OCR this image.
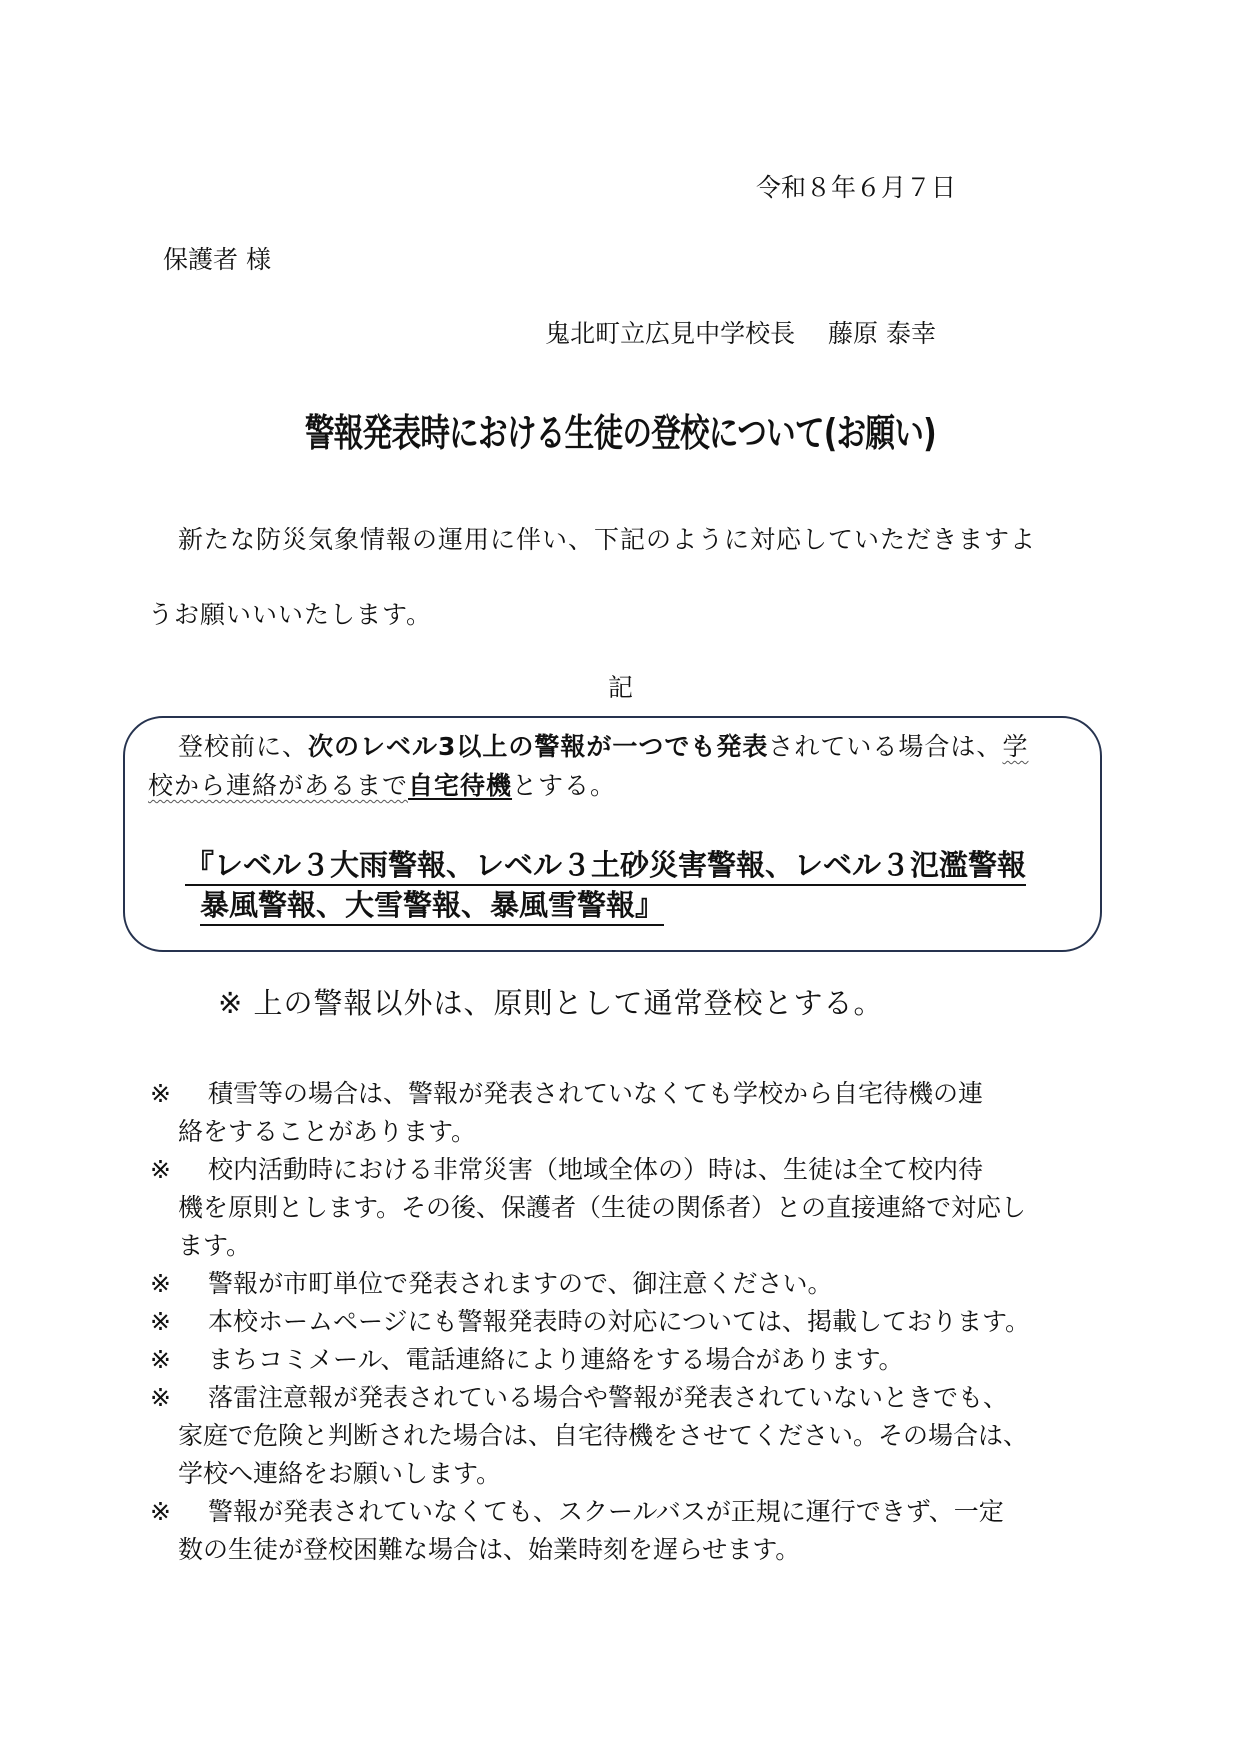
令和８年６月７日
保護者 様
鬼北町立広見中学校長　 藤原 泰幸
警報発表時における生徒の登校について(お願い)
新たな防災気象情報の運用に伴い、下記のように対応していただきますよ
うお願いいいたします。
記
登校前に、次のレベル3以上の警報が一つでも発表されている場合は、学
校から連絡があるまで自宅待機とする。
『レベル３大雨警報、レベル３土砂災害警報、レベル３氾濫警報
暴風警報、大雪警報、暴風雪警報』
※ 上の警報以外は、原則として通常登校とする。
※	積雪等の場合は、警報が発表されていなくても学校から自宅待機の連
絡をすることがあります。
※	校内活動時における非常災害（地域全体の）時は、生徒は全て校内待
機を原則とします。その後、保護者（生徒の関係者）との直接連絡で対応し
ます。
※	警報が市町単位で発表されますので、御注意ください。
※	本校ホームページにも警報発表時の対応については、掲載しております。
※	まちコミメール、電話連絡により連絡をする場合があります。
※	落雷注意報が発表されている場合や警報が発表されていないときでも、
家庭で危険と判断された場合は、自宅待機をさせてください。その場合は、
学校へ連絡をお願いします。
※	警報が発表されていなくても、スクールバスが正規に運行できず、一定
数の生徒が登校困難な場合は、始業時刻を遅らせます。
